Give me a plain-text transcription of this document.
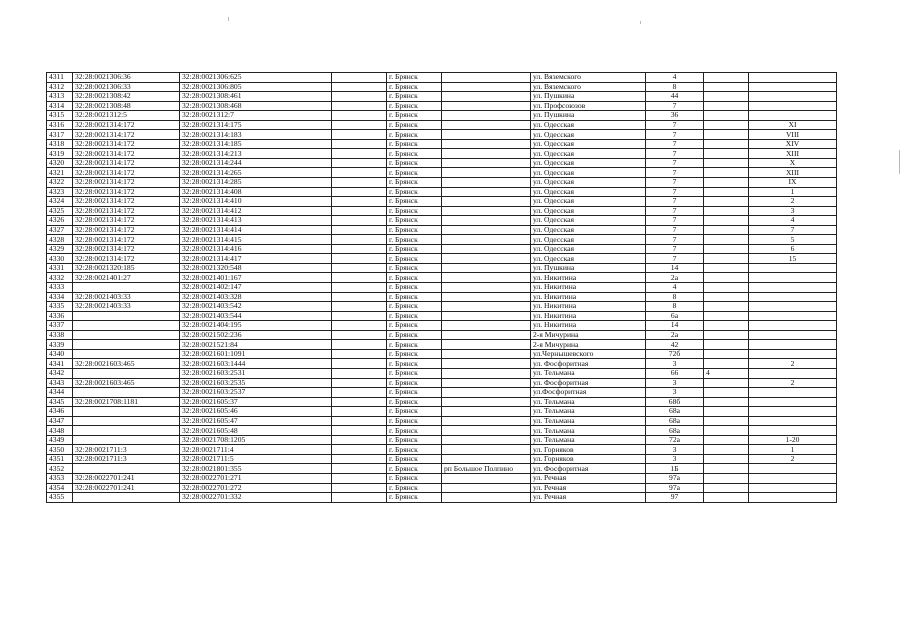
4311	32:28:0021306:36	32:28:0021306:625		г. Брянск		ул. Вяземского	4		
4312	32:28:0021306:33	32:28:0021306:805		г. Брянск		ул. Вяземского	8		
4313	32:28:0021308:42	32:28:0021308:461		г. Брянск		ул. Пушкина	44		
4314	32:28:0021308:48	32:28:0021308:468		г. Брянск		ул. Профсоюзов	7		
4315	32:28:0021312:5	32:28:0021312:7		г. Брянск		ул. Пушкина	36		
4316	32:28:0021314:172	32:28:0021314:175		г. Брянск		ул. Одесская	7		XI
4317	32:28:0021314:172	32:28:0021314:183		г. Брянск		ул. Одесская	7		VIII
4318	32:28:0021314:172	32:28:0021314:185		г. Брянск		ул. Одесская	7		XIV
4319	32:28:0021314:172	32:28:0021314:213		г. Брянск		ул. Одесская	7		XIII
4320	32:28:0021314:172	32:28:0021314:244		г. Брянск		ул. Одесская	7		X
4321	32:28:0021314:172	32:28:0021314:265		г. Брянск		ул. Одесская	7		XIII
4322	32:28:0021314:172	32:28:0021314:285		г. Брянск		ул. Одесская	7		IX
4323	32:28:0021314:172	32:28:0021314:408		г. Брянск		ул. Одесская	7		1
4324	32:28:0021314:172	32:28:0021314:410		г. Брянск		ул. Одесская	7		2
4325	32:28:0021314:172	32:28:0021314:412		г. Брянск		ул. Одесская	7		3
4326	32:28:0021314:172	32:28:0021314:413		г. Брянск		ул. Одесская	7		4
4327	32:28:0021314:172	32:28:0021314:414		г. Брянск		ул. Одесская	7		7
4328	32:28:0021314:172	32:28:0021314:415		г. Брянск		ул. Одесская	7		5
4329	32:28:0021314:172	32:28:0021314:416		г. Брянск		ул. Одесская	7		6
4330	32:28:0021314:172	32:28:0021314:417		г. Брянск		ул. Одесская	7		15
4331	32:28:0021320:185	32:28:0021320:548		г. Брянск		ул. Пушкина	14		
4332	32:28:0021401:27	32:28:0021401:167		г. Брянск		ул. Никитина	2а		
4333		32:28:0021402:147		г. Брянск		ул. Никитина	4		
4334	32:28:0021403:33	32:28:0021403:328		г. Брянск		ул. Никитина	8		
4335	32:28:0021403:33	32:28:0021403:542		г. Брянск		ул. Никитина	8		
4336		32:28:0021403:544		г. Брянск		ул. Никитина	6а		
4337		32:28:0021404:195		г. Брянск		ул. Никитина	14		
4338		32:28:0021502:236		г. Брянск		2-я Мичурина	2а		
4339		32:28:0021521:84		г. Брянск		2-я Мичурина	42		
4340		32:28:0021601:1091		г. Брянск		ул.Чернышевского	72б		
4341	32:28:0021603:465	32:28:0021603:1444		г. Брянск		ул. Фосфоритная	3		2
4342		32:28:0021603:2531		г. Брянск		ул. Тельмана	66	4	
4343	32:28:0021603:465	32:28:0021603:2535		г. Брянск		ул. Фосфоритная	3		2
4344		32:28:0021603:2537		г. Брянск		ул.Фосфоритная	3		
4345	32:28:0021708:1181	32:28:0021605:37		г. Брянск		ул. Тельмана	68б		
4346		32:28:0021605:46		г. Брянск		ул. Тельмана	68а		
4347		32:28:0021605:47		г. Брянск		ул. Тельмана	68а		
4348		32:28:0021605:48		г. Брянск		ул. Тельмана	68а		
4349		32:28:0021708:1205		г. Брянск		ул. Тельмана	72а		1-20
4350	32:28:0021711:3	32:28:0021711:4		г. Брянск		ул. Горняков	3		1
4351	32:28:0021711:3	32:28:0021711:5		г. Брянск		ул. Горняков	3		2
4352		32:28:0021801:355		г. Брянск	рп Большое Полпино	ул. Фосфоритная	1Б		
4353	32:28:0022701:241	32:28:0022701:271		г. Брянск		ул. Речная	97а		
4354	32:28:0022701:241	32:28:0022701:272		г. Брянск		ул. Речная	97а		
4355		32:28:0022701:332		г. Брянск		ул. Речная	97		
